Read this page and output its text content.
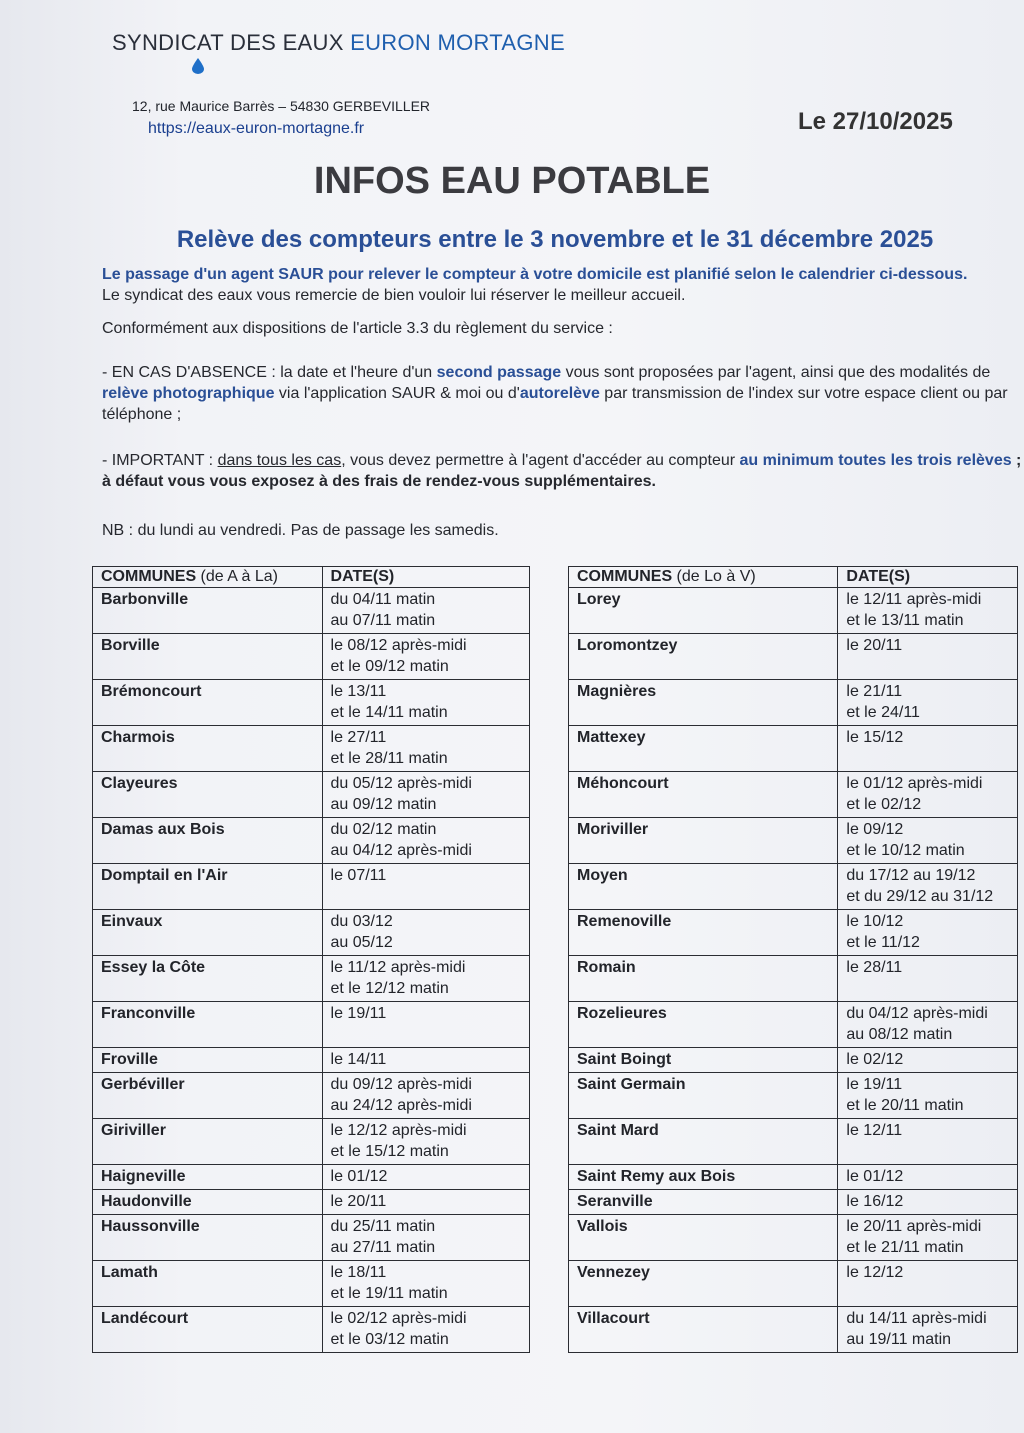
SYNDICAT DES EAUX EURON MORTAGNE
12, rue Maurice Barrès – 54830 GERBEVILLER
https://eaux-euron-mortagne.fr	Le 27/10/2025
INFOS EAU POTABLE
Relève des compteurs entre le 3 novembre et le 31 décembre 2025
Le passage d'un agent SAUR pour relever le compteur à votre domicile est planifié selon le calendrier ci-dessous.
Le syndicat des eaux vous remercie de bien vouloir lui réserver le meilleur accueil.
Conformément aux dispositions de l'article 3.3 du règlement du service :
- EN CAS D'ABSENCE : la date et l'heure d'un second passage vous sont proposées par l'agent, ainsi que des modalités de relève photographique via l'application SAUR & moi ou d'autorelève par transmission de l'index sur votre espace client ou par téléphone ;
- IMPORTANT : dans tous les cas, vous devez permettre à l'agent d'accéder au compteur au minimum toutes les trois relèves ; à défaut vous vous exposez à des frais de rendez-vous supplémentaires.
NB : du lundi au vendredi. Pas de passage les samedis.
COMMUNES (de A à La)	DATE(S)
Barbonville	du 04/11 matin
au 07/11 matin

Borville	le 08/12 après-midi
et le 09/12 matin

Brémoncourt	le 13/11
et le 14/11 matin

Charmois	le 27/11
et le 28/11 matin

Clayeures	du 05/12 après-midi
au 09/12 matin

Damas aux Bois	du 02/12 matin
au 04/12 après-midi

Domptail en l'Air	le 07/11

Einvaux	du 03/12
au 05/12

Essey la Côte	le 11/12 après-midi
et le 12/12 matin

Franconville	le 19/11

Froville	le 14/11

Gerbéviller	du 09/12 après-midi
au 24/12 après-midi

Giriviller	le 12/12 après-midi
et le 15/12 matin

Haigneville	le 01/12

Haudonville	le 20/11

Haussonville	du 25/11 matin
au 27/11 matin

Lamath	le 18/11
et le 19/11 matin

Landécourt	le 02/12 après-midi
et le 03/12 matin
COMMUNES (de Lo à V)	DATE(S)
Lorey	le 12/11 après-midi
et le 13/11 matin

Loromontzey	le 20/11

Magnières	le 21/11
et le 24/11

Mattexey	le 15/12

Méhoncourt	le 01/12 après-midi
et le 02/12

Moriviller	le 09/12
et le 10/12 matin

Moyen	du 17/12 au 19/12
et du 29/12 au 31/12

Remenoville	le 10/12
et le 11/12

Romain	le 28/11

Rozelieures	du 04/12 après-midi
au 08/12 matin

Saint Boingt	le 02/12

Saint Germain	le 19/11
et le 20/11 matin

Saint Mard	le 12/11

Saint Remy aux Bois	le 01/12

Seranville	le 16/12

Vallois	le 20/11 après-midi
et le 21/11 matin

Vennezey	le 12/12

Villacourt	du 14/11 après-midi
au 19/11 matin
